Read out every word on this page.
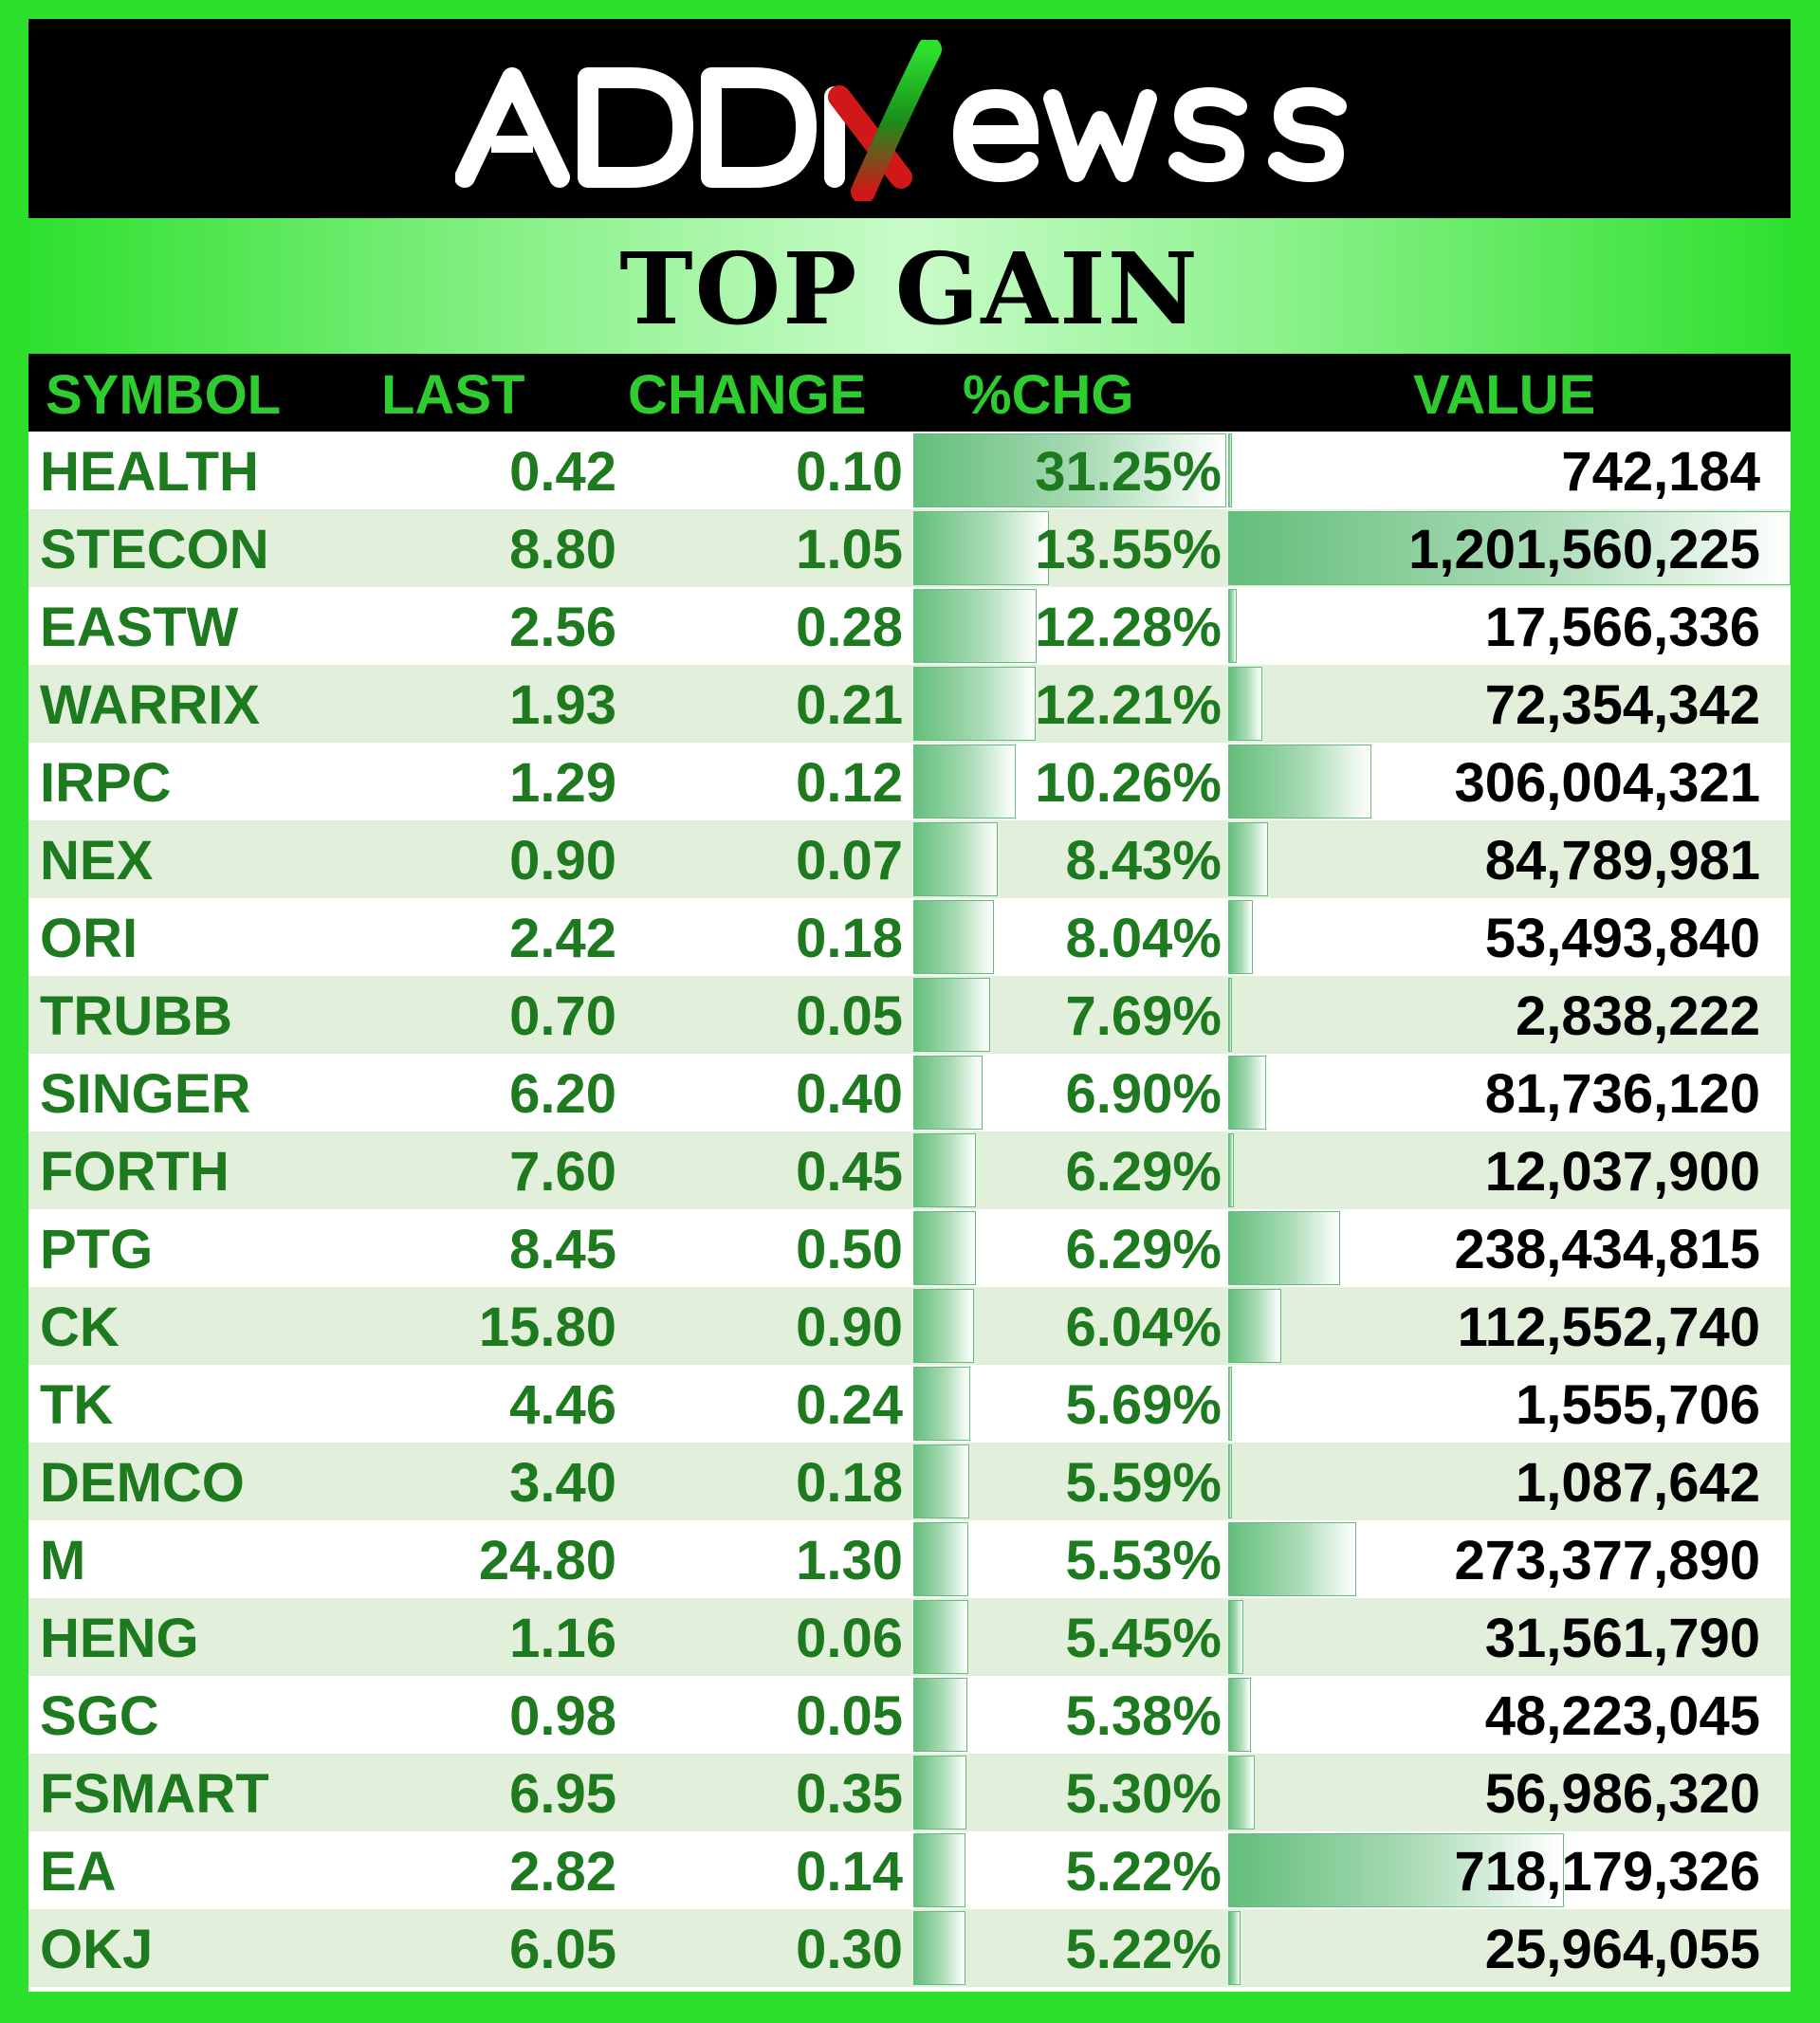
TOP GAIN
SYMBOL LAST CHANGE %CHG	VALUE
HEALTH	0.42	0.10	31.25%	742,184
STECON	8.80	1.05	13.55%	1,201,560,225
EASTW	2.56	0.28	12.28%	17,566,336
WARRIX	1.93	0.21	12.21%	72,354,342
IRPC	1.29	0.12	10.26%	306,004,321
NEX	0.90	0.07	8.43%	84,789,981
ORI	2.42	0.18	8.04%	53,493,840
TRUBB	0.70	0.05	7.69%	2,838,222
SINGER	6.20	0.40	6.90%	81,736,120
FORTH	7.60	0.45	6.29%	12,037,900
PTG	8.45	0.50	6.29%	238,434,815
CK	15.80	0.90	6.04%	112,552,740
TK	4.46	0.24	5.69%	1,555,706
DEMCO	3.40	0.18	5.59%	1,087,642
M	24.80	1.30	5.53%	273,377,890
HENG	1.16	0.06	5.45%	31,561,790
SGC	0.98	0.05	5.38%	48,223,045
FSMART	6.95	0.35	5.30%	56,986,320
EA	2.82	0.14	5.22%	718,179,326
OKJ	6.05	0.30	5.22%	25,964,055
